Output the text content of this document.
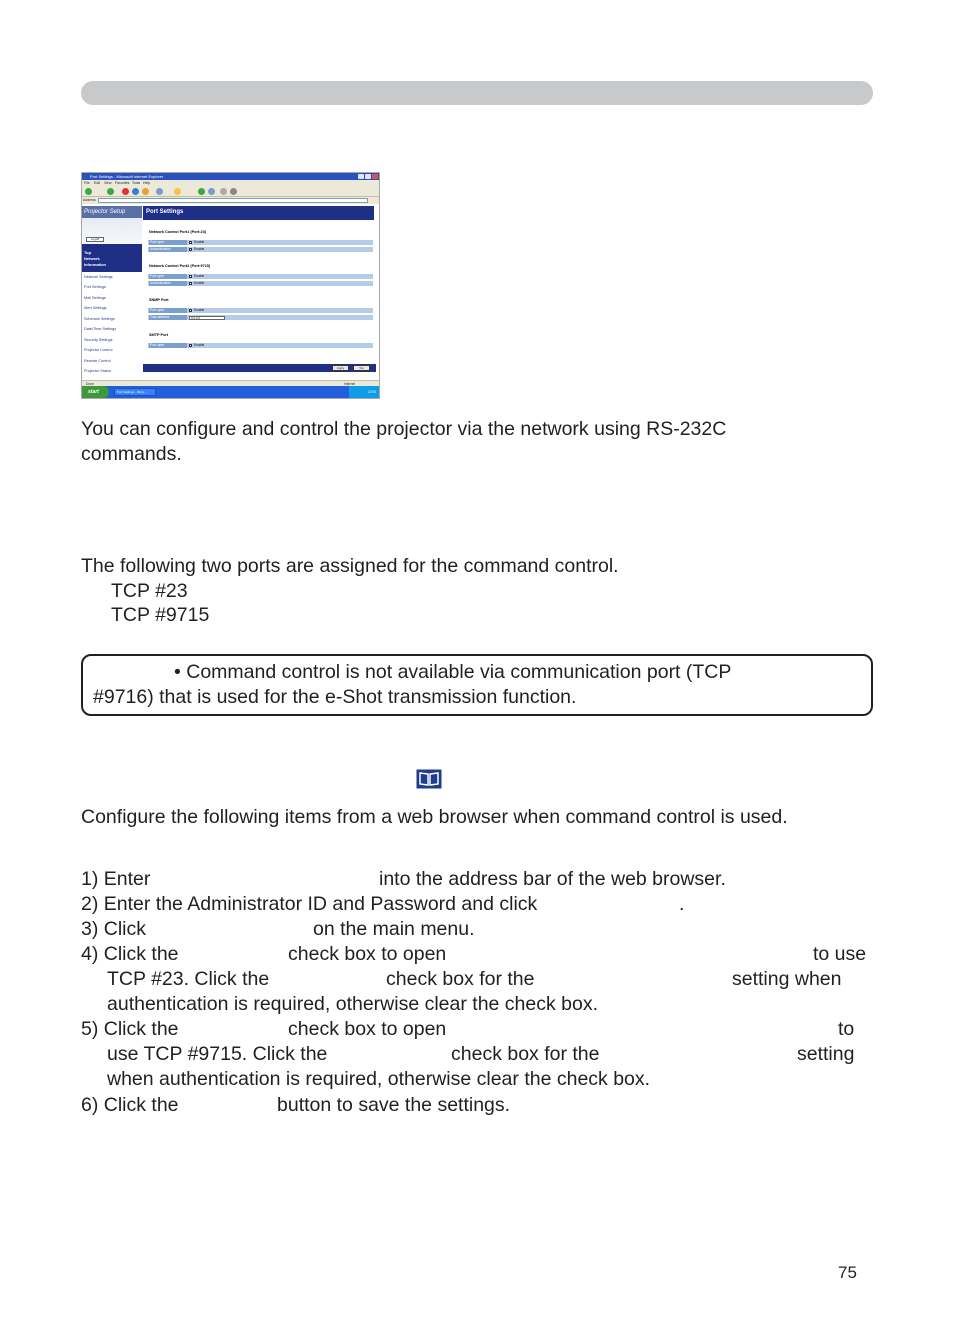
Port Settings - Microsoft Internet Explorer
File Edit View Favorites Tools Help
Address
Projector Setup
Logoff
Top
Network
Information
Network Settings
Port Settings
Mail Settings
Alert Settings
Schedule Settings
Date/Time Settings
Security Settings
Projector Control
Remote Control
Projector Status
Port Settings
Network Control Port1 (Port:23)
Port open	Enable
Authentication	Enable
Network Control Port2 (Port:9715)
Port open	Enable
Authentication	Enable
SNMP Port
Port open	Enable
Trap address	0.0.0.0
SMTP Port
Port open	Enable
Apply	Top
Done	Internet
start	Port Settings - Micro...	12:00
You can configure and control the projector via the network using RS-232C
commands.
The following two ports are assigned for the command control.
TCP #23
TCP #9715
• Command control is not available via communication port (TCP
#9716) that is used for the e-Shot transmission function.
Configure the following items from a web browser when command control is used.
1) Enter	into the address bar of the web browser.
2) Enter the Administrator ID and Password and click	.
3) Click	on the main menu.
4) Click the	check box to open	to use
TCP #23. Click the	check box for the	setting when
authentication is required, otherwise clear the check box.
5) Click the	check box to open	to
use TCP #9715. Click the	check box for the	setting
when authentication is required, otherwise clear the check box.
6) Click the	button to save the settings.
75
